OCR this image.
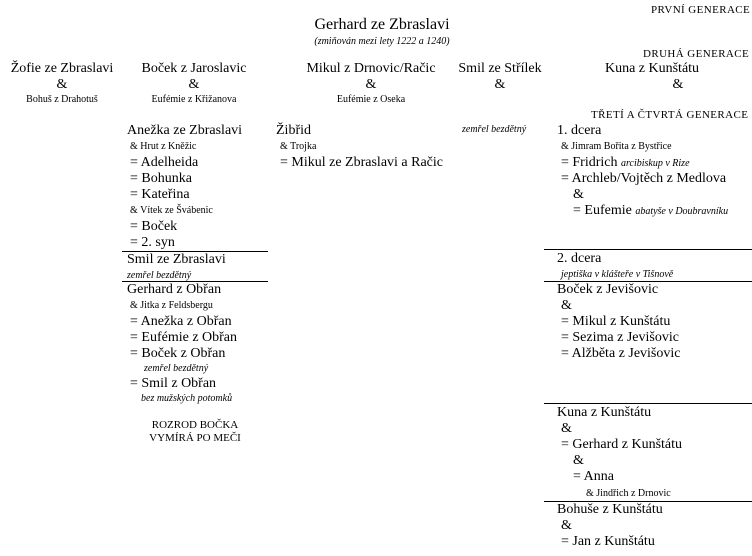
PRVNÍ GENERACE
DRUHÁ GENERACE
TŘETÍ A ČTVRTÁ GENERACE
Gerhard ze Zbraslavi
(zmiňován mezi lety 1222 a 1240)
Žofie ze Zbraslavi
&
Bohuš z Drahotuš
Boček z Jaroslavic
&
Eufémie z Křižanova
Mikul z Drnovic/Račic
&
Eufémie z Oseka
Smil ze Střílek
&
Kuna z Kunštátu
&
Anežka ze Zbraslavi
& Hrut z Kněžic
= Adelheida
= Bohunka
= Kateřina
& Vítek ze Švábenic
= Boček
= 2. syn
Smil ze Zbraslavi
zemřel bezdětný
Gerhard z Obřan
& Jitka z Feldsbergu
= Anežka z Obřan
= Eufémie z Obřan
= Boček z Obřan
zemřel bezdětný
= Smil z Obřan
bez mužských potomků
ROZROD BOČKA
VYMÍRÁ PO MEČI
Žibřid
& Trojka
= Mikul ze Zbraslavi a Račic
zemřel bezdětný 1. dcera
& Jimram Bořita z Bystřice
= Fridrich arcibiskup v Rize
= Archleb/Vojtěch z Medlova
&
= Eufemie abatyše v Doubravníku
2. dcera
jeptiška v klášteře v Tišnově
Boček z Jevišovic
&
= Mikul z Kunštátu
= Sezima z Jevišovic
= Alžběta z Jevišovic
Kuna z Kunštátu
&
= Gerhard z Kunštátu
&
= Anna
& Jindřich z Drnovic
Bohuše z Kunštátu
&
= Jan z Kunštátu
